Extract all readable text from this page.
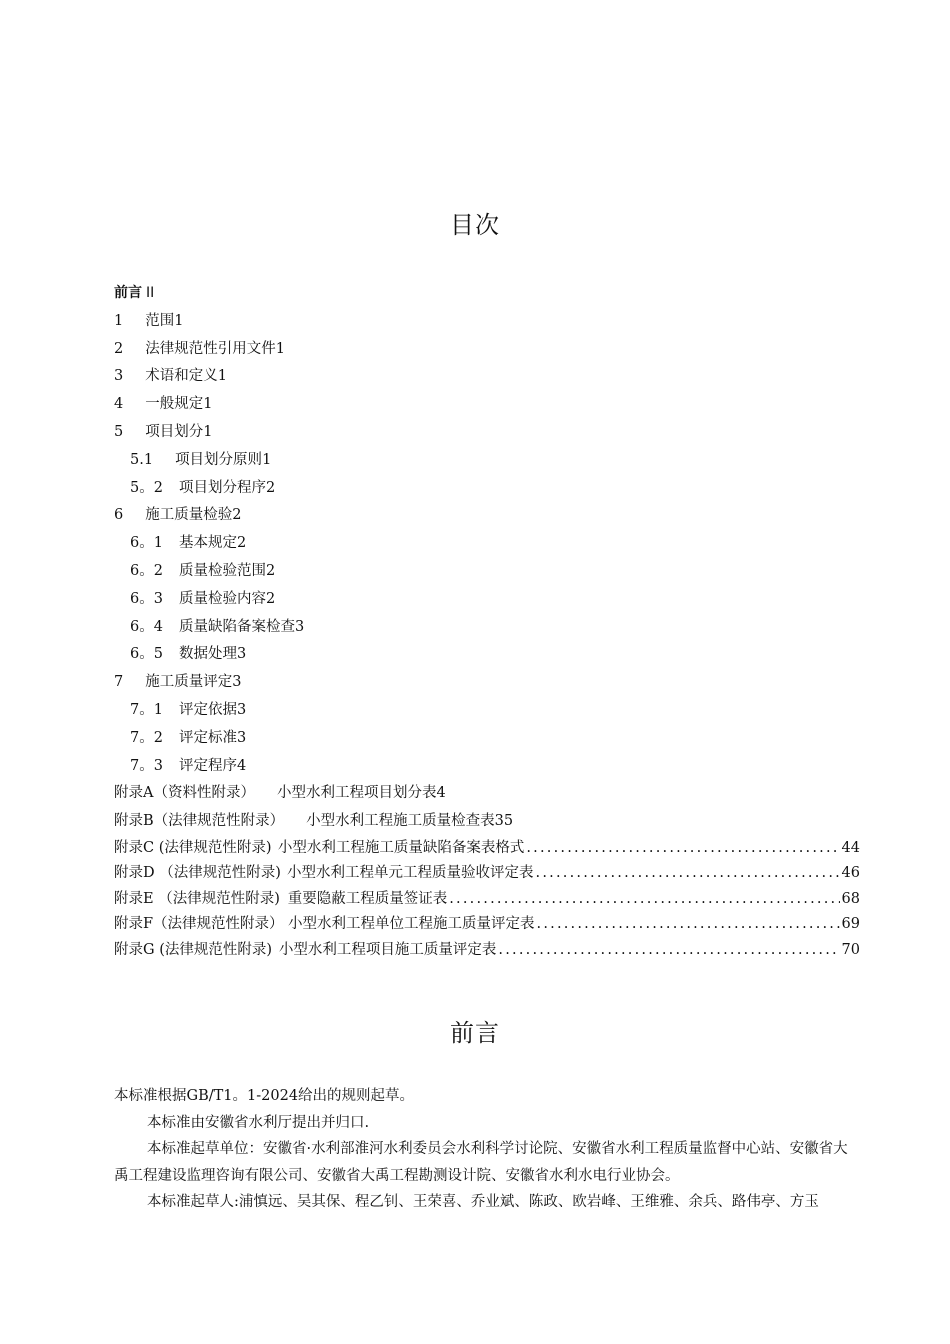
目次
前言 II
1 范围 1
2 法律规范性引用文件 1
3 术语和定义 1
4 一般规定 1
5 项目划分 1
5.1 项目划分原则 1
5。2 项目划分程序 2
6 施工质量检验 2
6。1 基本规定 2
6。2 质量检验范围 2
6。3 质量检验内容 2
6。4 质量缺陷备案检查 3
6。5 数据处理 3
7 施工质量评定 3
7。1 评定依据 3
7。2 评定标准 3
7。3 评定程序 4
附录A（资料性附录） 小型水利工程项目划分表 4
附录B（法律规范性附录） 小型水利工程施工质量检查表 35
附录C (法律规范性附录) 小型水利工程施工质量缺陷备案表格式 .....	44
附录D （法律规范性附录) 小型水利工程单元工程质量验收评定表 .....	46
附录E （法律规范性附录) 重要隐蔽工程质量签证表 .....	68
附录F（法律规范性附录） 小型水利工程单位工程施工质量评定表 .....	69
附录G (法律规范性附录) 小型水利工程项目施工质量评定表 .....	70
前言

本标准根据GB/T1。1-2024给出的规则起草。

本标准由安徽省水利厅提出并归口.

本标准起草单位：安徽省·水利部淮河水利委员会水利科学讨论院、安徽省水利工程质量监督中心站、安徽省大禹工程建设监理咨询有限公司、安徽省大禹工程勘测设计院、安徽省水利水电行业协会。

本标准起草人:浦慎远、吴其保、程乙钊、王荣喜、乔业斌、陈政、欧岩峰、王维雅、余兵、路伟亭、方玉
